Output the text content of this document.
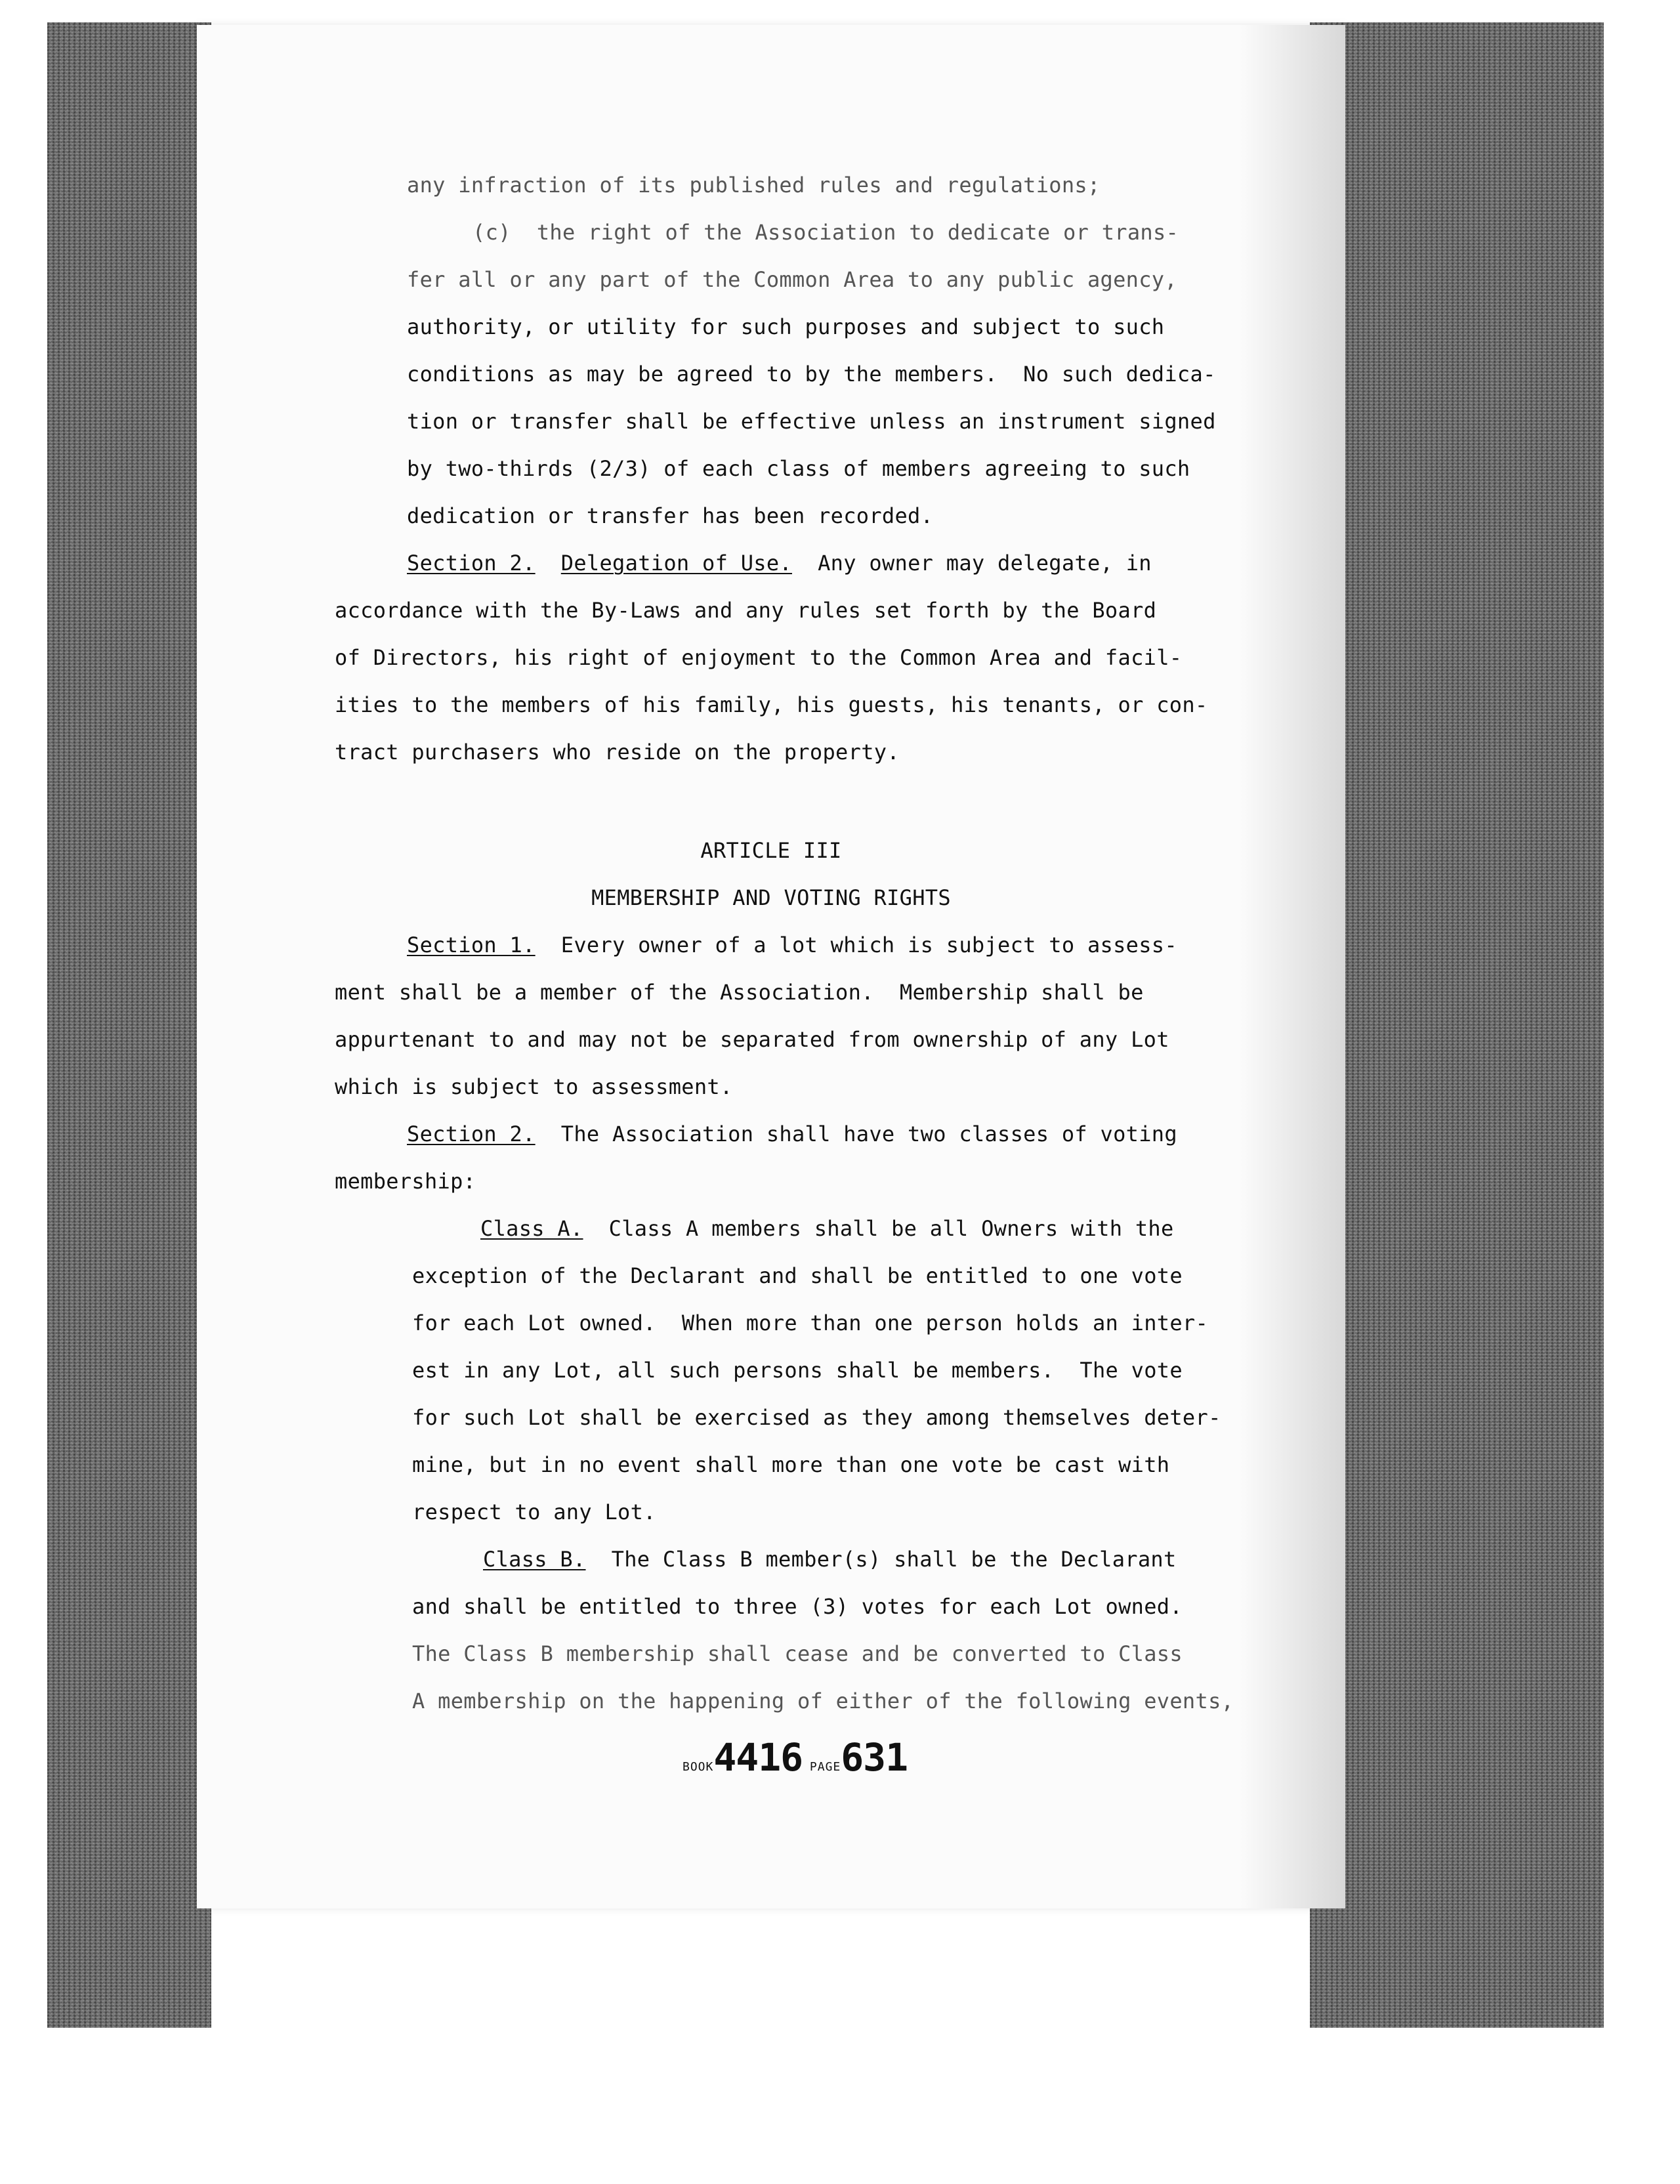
any infraction of its published rules and regulations;
(c)  the right of the Association to dedicate or trans-
fer all or any part of the Common Area to any public agency,
authority, or utility for such purposes and subject to such
conditions as may be agreed to by the members.  No such dedica-
tion or transfer shall be effective unless an instrument signed
by two-thirds (2/3) of each class of members agreeing to such
dedication or transfer has been recorded.
Section 2. Delegation of Use.  Any owner may delegate, in
accordance with the By-Laws and any rules set forth by the Board
of Directors, his right of enjoyment to the Common Area and facil-
ities to the members of his family, his guests, his tenants, or con-
tract purchasers who reside on the property.
ARTICLE III
MEMBERSHIP AND VOTING RIGHTS
Section 1.  Every owner of a lot which is subject to assess-
ment shall be a member of the Association.  Membership shall be
appurtenant to and may not be separated from ownership of any Lot
which is subject to assessment.
Section 2.  The Association shall have two classes of voting
membership:
Class A.  Class A members shall be all Owners with the
exception of the Declarant and shall be entitled to one vote
for each Lot owned.  When more than one person holds an inter-
est in any Lot, all such persons shall be members.  The vote
for such Lot shall be exercised as they among themselves deter-
mine, but in no event shall more than one vote be cast with
respect to any Lot.
Class B.  The Class B member(s) shall be the Declarant
and shall be entitled to three (3) votes for each Lot owned.
The Class B membership shall cease and be converted to Class
A membership on the happening of either of the following events,
BOOK4416 PAGE631
